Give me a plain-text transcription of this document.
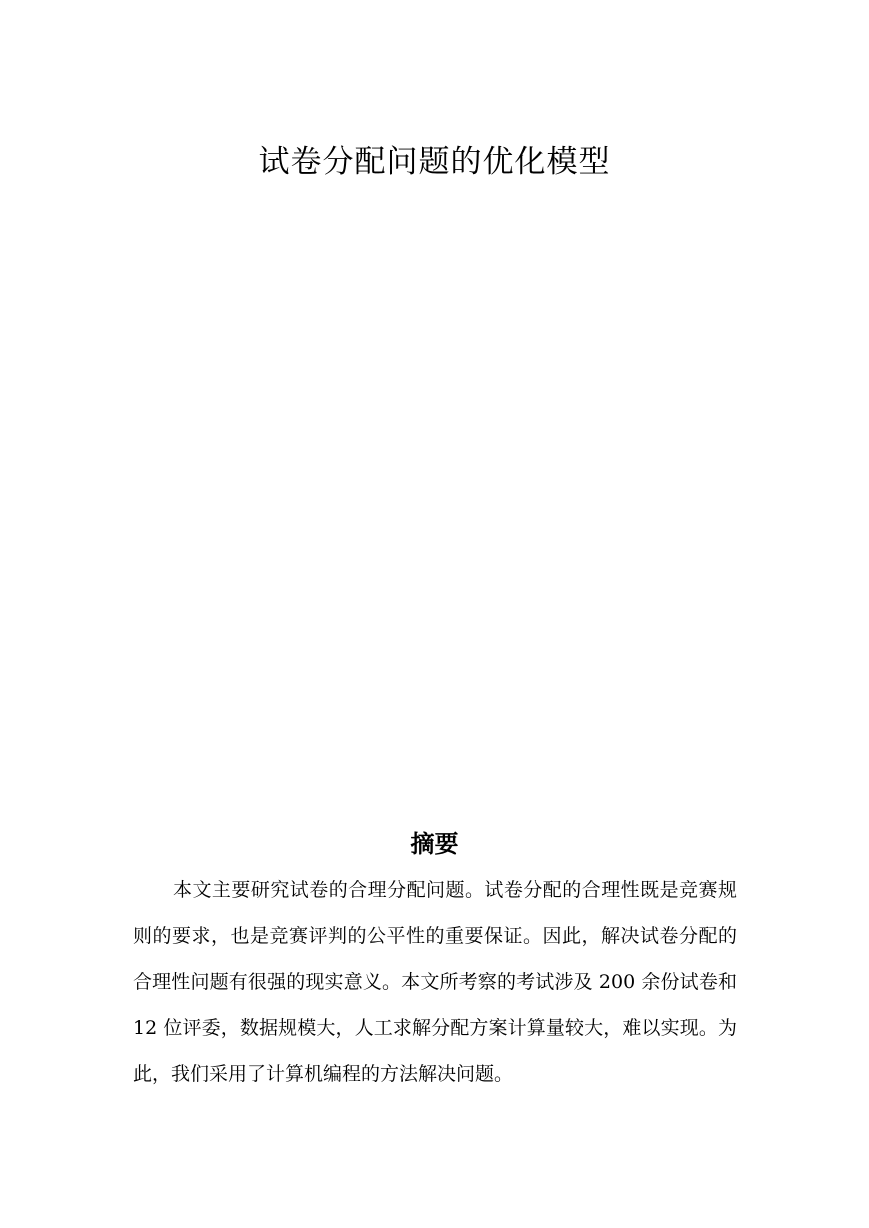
试卷分配问题的优化模型
摘要

本文主要研究试卷的合理分配问题。试卷分配的合理性既是竞赛规则的要求，也是竞赛评判的公平性的重要保证。因此，解决试卷分配的合理性问题有很强的现实意义。本文所考察的考试涉及 200 余份试卷和 12 位评委，数据规模大，人工求解分配方案计算量较大，难以实现。为此，我们采用了计算机编程的方法解决问题。
